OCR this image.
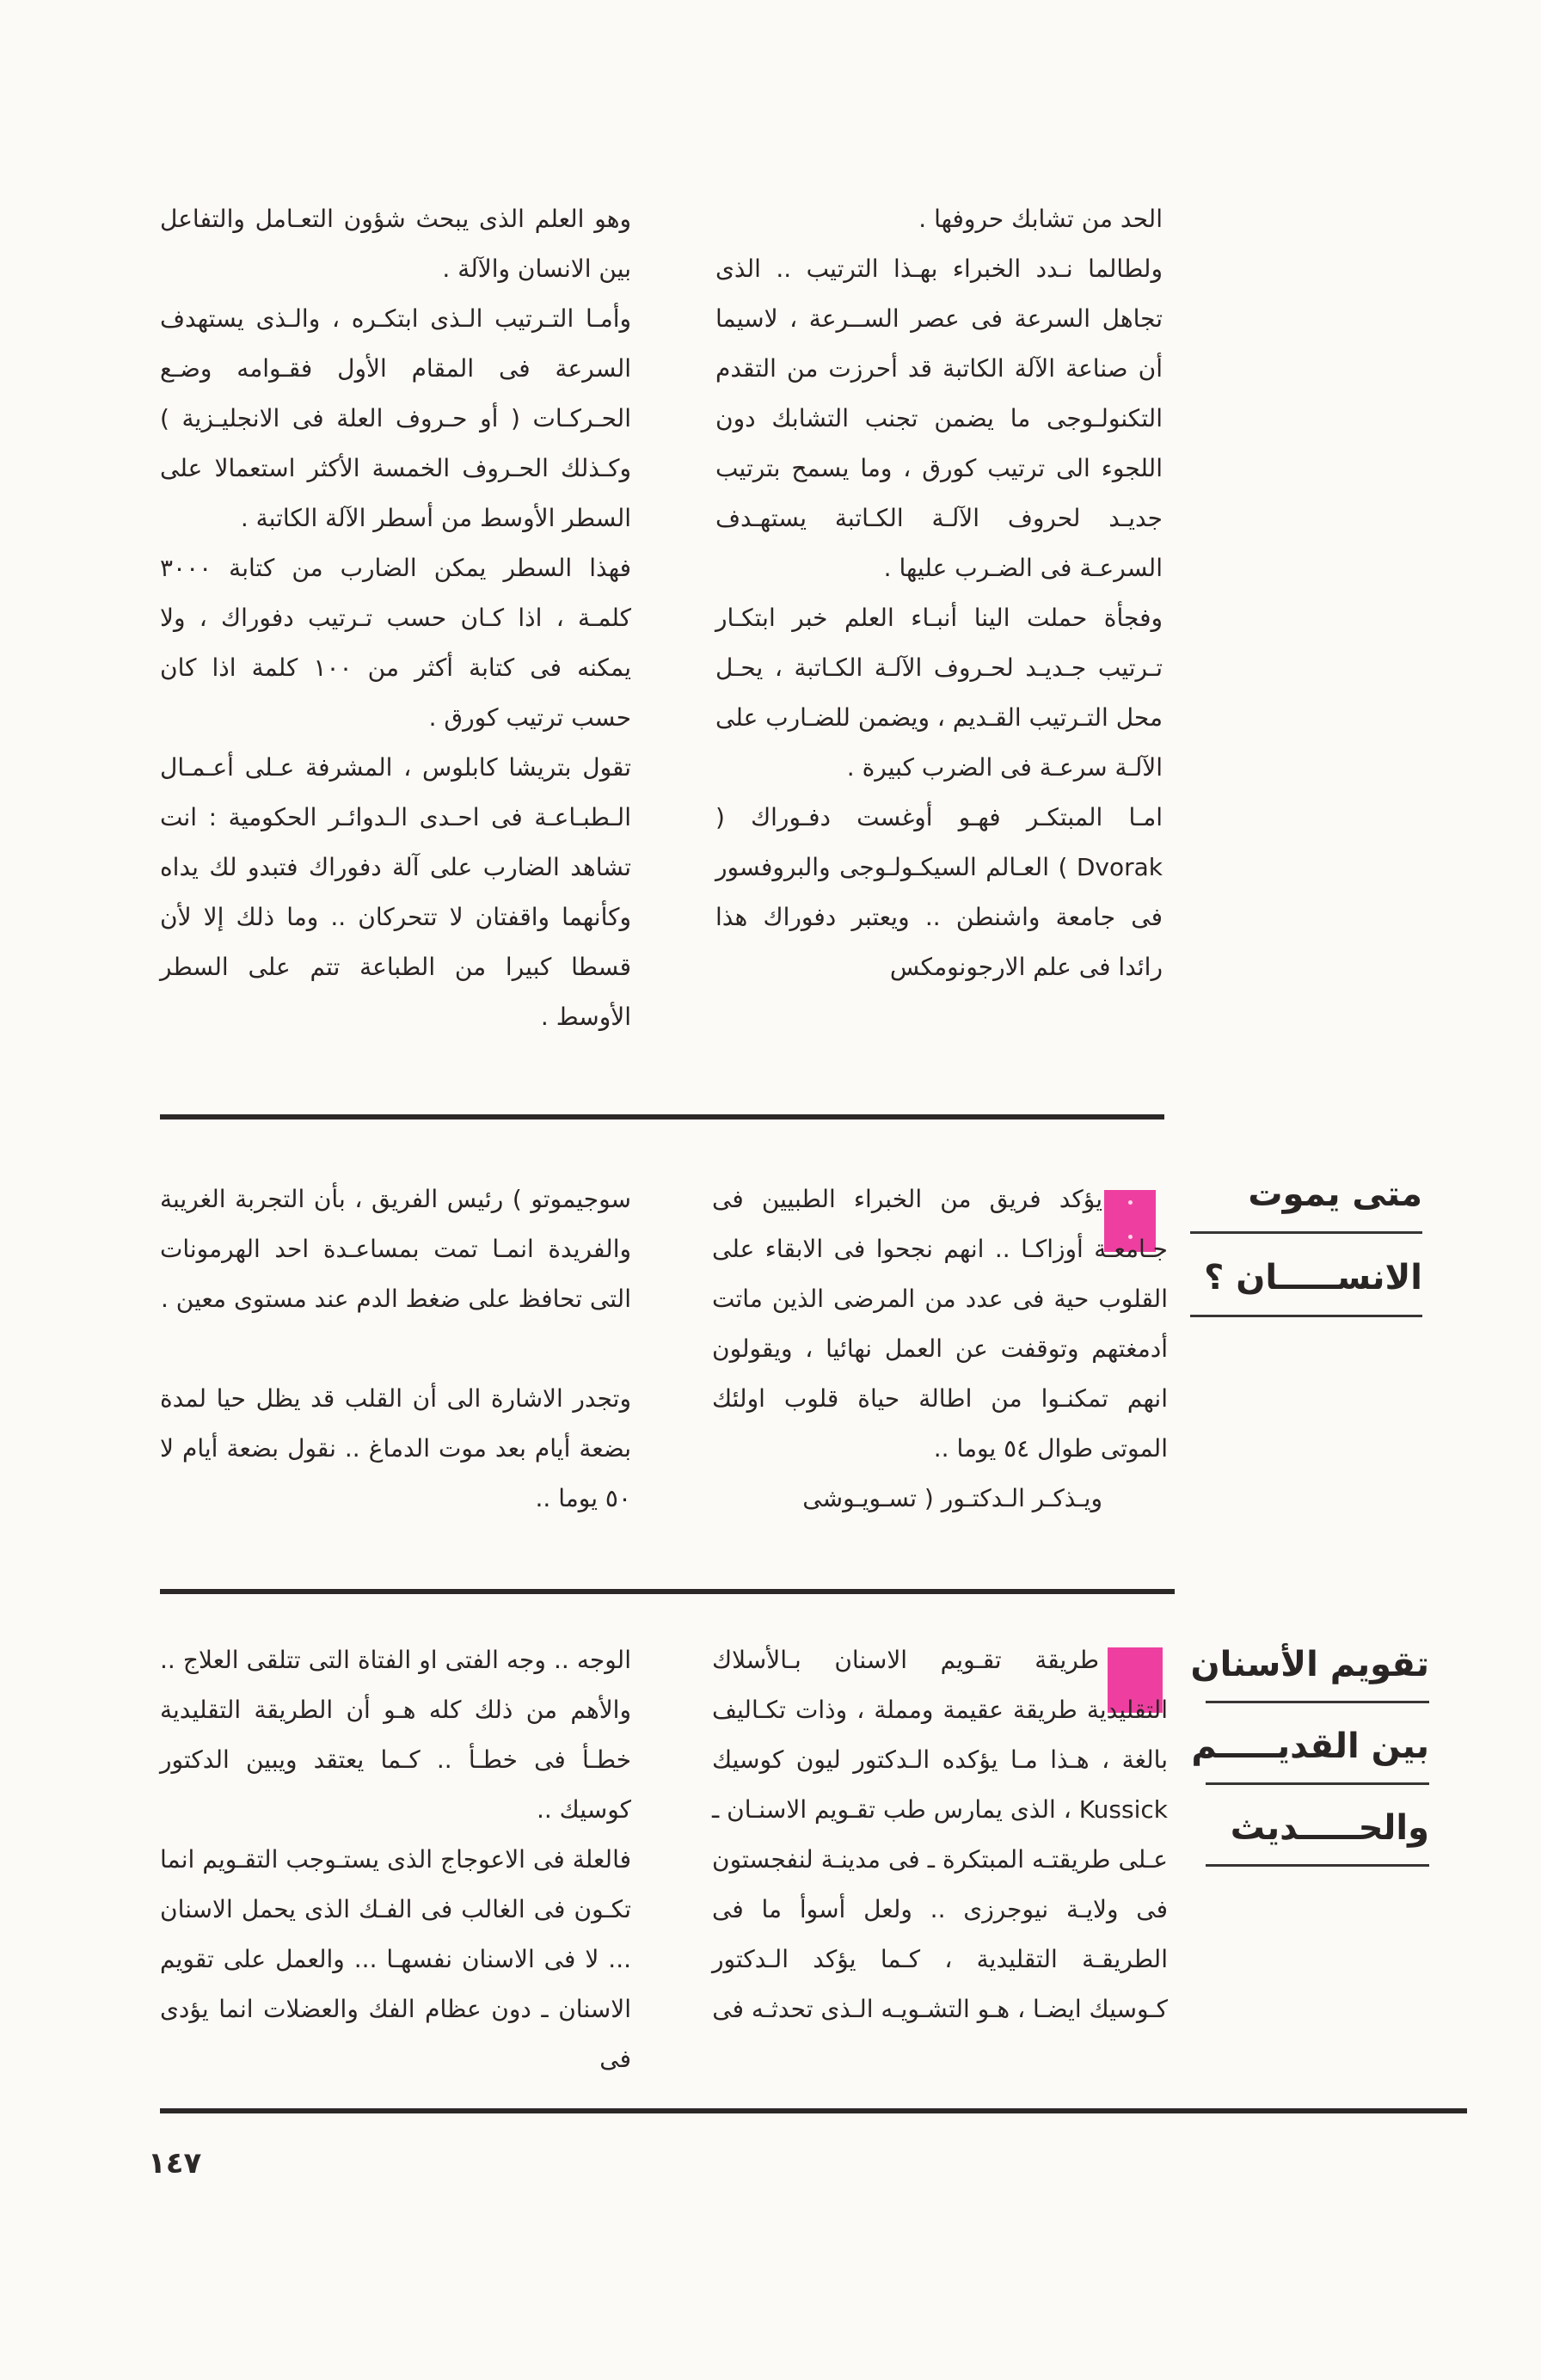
الحد من تشابك حروفها .

ولطالما نـدد الخبراء بهـذا الترتيب .. الذى تجاهل السرعة فى عصر الســرعة ، لاسيما أن صناعة الآلة الكاتبة قد أحرزت من التقدم التكنولـوجى ما يضمن تجنب التشابك دون اللجوء الى ترتيب كورق ، وما يسمح بترتيب جديـد لحروف الآلـة الكـاتبة يستهـدف السرعـة فى الضـرب عليها .

وفجأة حملت الينا أنبـاء العلم خبر ابتكـار تـرتيب جـديـد لحـروف الآلـة الكـاتبة ، يحـل محل التـرتيب القـديم ، ويضمن للضـارب على الآلـة سرعـة فى الضرب كبيرة .

امـا المبتكـر فهـو أوغست دفـوراك ( Dvorak ) العـالم السيكـولـوجى والبروفسور فى جامعة واشنطن .. ويعتبر دفوراك هذا رائدا فى علم الارجونومكس

وهو العلم الذى يبحث شؤون التعـامل والتفاعل بين الانسان والآلة .

وأمـا التـرتيب الـذى ابتكـره ، والـذى يستهدف السرعة فى المقام الأول فقـوامه وضـع الحـركـات ( أو حـروف العلة فى الانجليـزية ) وكـذلك الحـروف الخمسة الأكثر استعمالا على السطر الأوسط من أسطر الآلة الكاتبة .

فهذا السطر يمكن الضارب من كتابة ٣٠٠٠ كلمـة ، اذا كـان حسب تـرتيب دفوراك ، ولا يمكنه فى كتابة أكثر من ١٠٠ كلمة اذا كان حسب ترتيب كورق .

تقول بتريشا كابلوس ، المشرفة عـلى أعـمـال الـطبـاعـة فى احـدى الـدوائـر الحكومية : انت تشاهد الضارب على آلة دفوراك فتبدو لك يداه وكأنهما واقفتان لا تتحركان .. وما ذلك إلا لأن قسطا كبيرا من الطباعة تتم على السطر الأوسط .

متى يموت
الانســـــان ؟

يؤكد فريق من الخبراء الطبيين فى جـامعـة أوزاكـا .. انهم نجحوا فى الابقاء على القلوب حية فى عدد من المرضى الذين ماتت أدمغتهم وتوقفت عن العمل نهائيا ، ويقولون انهم تمكنـوا من اطالة حياة قلوب اولئك الموتى طوال ٥٤ يوما ..

ويـذكـر الـدكتـور ( تسـويـوشى

سوجيموتو ) رئيس الفريق ، بأن التجربة الغريبة والفريدة انمـا تمت بمساعـدة احد الهرمونات التى تحافظ على ضغط الدم عند مستوى معين .

وتجدر الاشارة الى أن القلب قد يظل حيا لمدة بضعة أيام بعد موت الدماغ .. نقول بضعة أيام لا ٥٠ يوما ..

تقويم الأسنان
بين القديـــــم
والحـــــديث

طريقة تقـويم الاسنان بـالأسلاك التقليدية طريقة عقيمة ومملة ، وذات تكـاليف بالغة ، هـذا مـا يؤكده الـدكتور ليون كوسيك Kussick ، الذى يمارس طب تقـويم الاسنـان ـ عـلى طريقتـه المبتكرة ـ فى مدينـة لنفجستون فى ولايـة نيوجرزى .. ولعل أسوأ ما فى الطريقـة التقليدية ، كـما يؤكد الـدكتور كـوسيك ايضـا ، هـو التشـويـه الـذى تحدثـه فى

الوجه .. وجه الفتى او الفتاة التى تتلقى العلاج .. والأهم من ذلك كله هـو أن الطريقة التقليدية خطـأ فى خطـأ .. كـما يعتقد ويبين الدكتور كوسيك ..

فالعلة فى الاعوجاج الذى يستـوجب التقـويم انما تكـون فى الغالب فى الفـك الذى يحمل الاسنان ... لا فى الاسنان نفسهـا ... والعمل على تقويم الاسنان ـ دون عظام الفك والعضلات انما يؤدى فى

١٤٧
